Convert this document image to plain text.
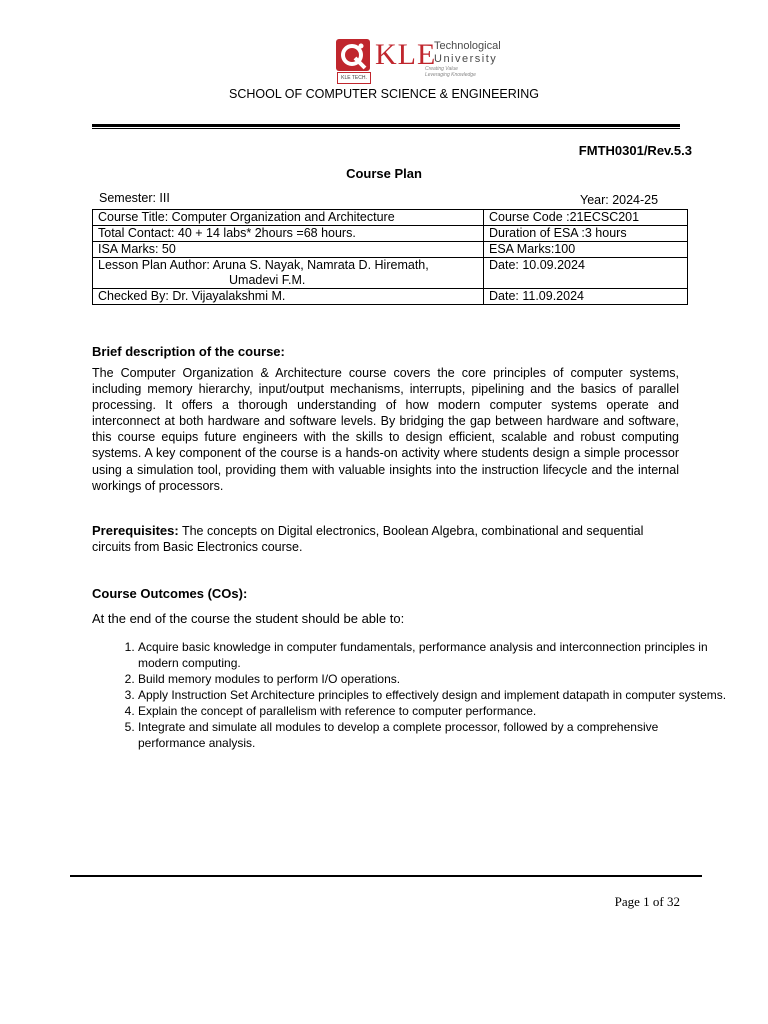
KLE TECH.
KLE
Technological
University
Creating Value
Leveraging Knowledge
SCHOOL OF COMPUTER SCIENCE & ENGINEERING
FMTH0301/Rev.5.3
Course Plan
Semester: III	Year: 2024-25
Course Title: Computer Organization and Architecture	Course Code :21ECSC201
Total Contact: 40 + 14 labs* 2hours =68 hours.	Duration of ESA :3 hours
ISA Marks: 50	ESA Marks:100
Lesson Plan Author: Aruna S. Nayak, Namrata D. Hiremath,
Umadevi F.M.	Date: 10.09.2024
Checked By: Dr. Vijayalakshmi M.	Date: 11.09.2024
Brief description of the course:
The Computer Organization & Architecture course covers the core principles of computer systems, including memory hierarchy, input/output mechanisms, interrupts, pipelining and the basics of parallel processing. It offers a thorough understanding of how modern computer systems operate and interconnect at both hardware and software levels. By bridging the gap between hardware and software, this course equips future engineers with the skills to design efficient, scalable and robust computing systems. A key component of the course is a hands-on activity where students design a simple processor using a simulation tool, providing them with valuable insights into the instruction lifecycle and the internal workings of processors.
Prerequisites: The concepts on Digital electronics, Boolean Algebra, combinational and sequential circuits from Basic Electronics course.
Course Outcomes (COs):
At the end of the course the student should be able to:
1. Acquire basic knowledge in computer fundamentals, performance analysis and interconnection principles in modern computing.
2. Build memory modules to perform I/O operations.
3. Apply Instruction Set Architecture principles to effectively design and implement datapath in computer systems.
4. Explain the concept of parallelism with reference to computer performance.
5. Integrate and simulate all modules to develop a complete processor, followed by a comprehensive performance analysis.
Page 1 of 32
